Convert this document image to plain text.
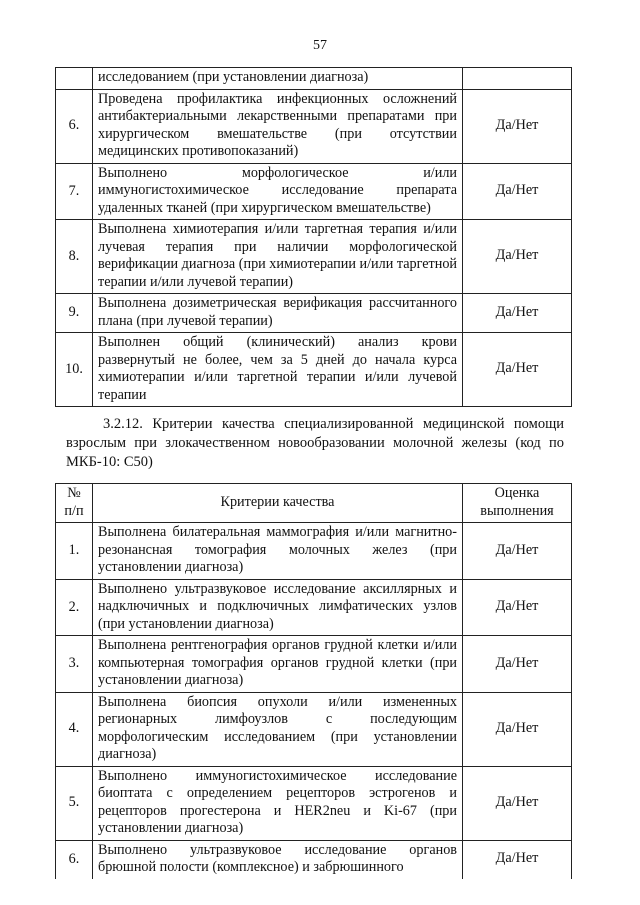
57
	исследованием (при установлении диагноза)	
6.	Проведена профилактика инфекционных осложнений антибактериальными лекарственными препаратами при хирургическом вмешательстве (при отсутствии медицинских противопоказаний)	Да/Нет
7.	Выполнено морфологическое и/или иммуногистохимическое исследование препарата удаленных тканей (при хирургическом вмешательстве)	Да/Нет
8.	Выполнена химиотерапия и/или таргетная терапия и/или лучевая терапия при наличии морфологической верификации диагноза (при химиотерапии и/или таргетной терапии и/или лучевой терапии)	Да/Нет
9.	Выполнена дозиметрическая верификация рассчитанного плана (при лучевой терапии)	Да/Нет
10.	Выполнен общий (клинический) анализ крови развернутый не более, чем за 5 дней до начала курса химиотерапии и/или таргетной терапии и/или лучевой терапии	Да/Нет

3.2.12. Критерии качества специализированной медицинской помощи взрослым при злокачественном новообразовании молочной железы (код по МКБ-10: C50)

№
п/п	Критерии качества	Оценка
выполнения
1.	Выполнена билатеральная маммография и/или магнитно-резонансная томография молочных желез (при установлении диагноза)	Да/Нет
2.	Выполнено ультразвуковое исследование аксиллярных и надключичных и подключичных лимфатических узлов (при установлении диагноза)	Да/Нет
3.	Выполнена рентгенография органов грудной клетки и/или компьютерная томография органов грудной клетки (при установлении диагноза)	Да/Нет
4.	Выполнена биопсия опухоли и/или измененных регионарных лимфоузлов с последующим морфологическим исследованием (при установлении диагноза)	Да/Нет
5.	Выполнено иммуногистохимическое исследование биоптата с определением рецепторов эстрогенов и рецепторов прогестерона и HER2neu и Ki-67 (при установлении диагноза)	Да/Нет
6.	Выполнено ультразвуковое исследование органов брюшной полости (комплексное) и забрюшинного	Да/Нет
